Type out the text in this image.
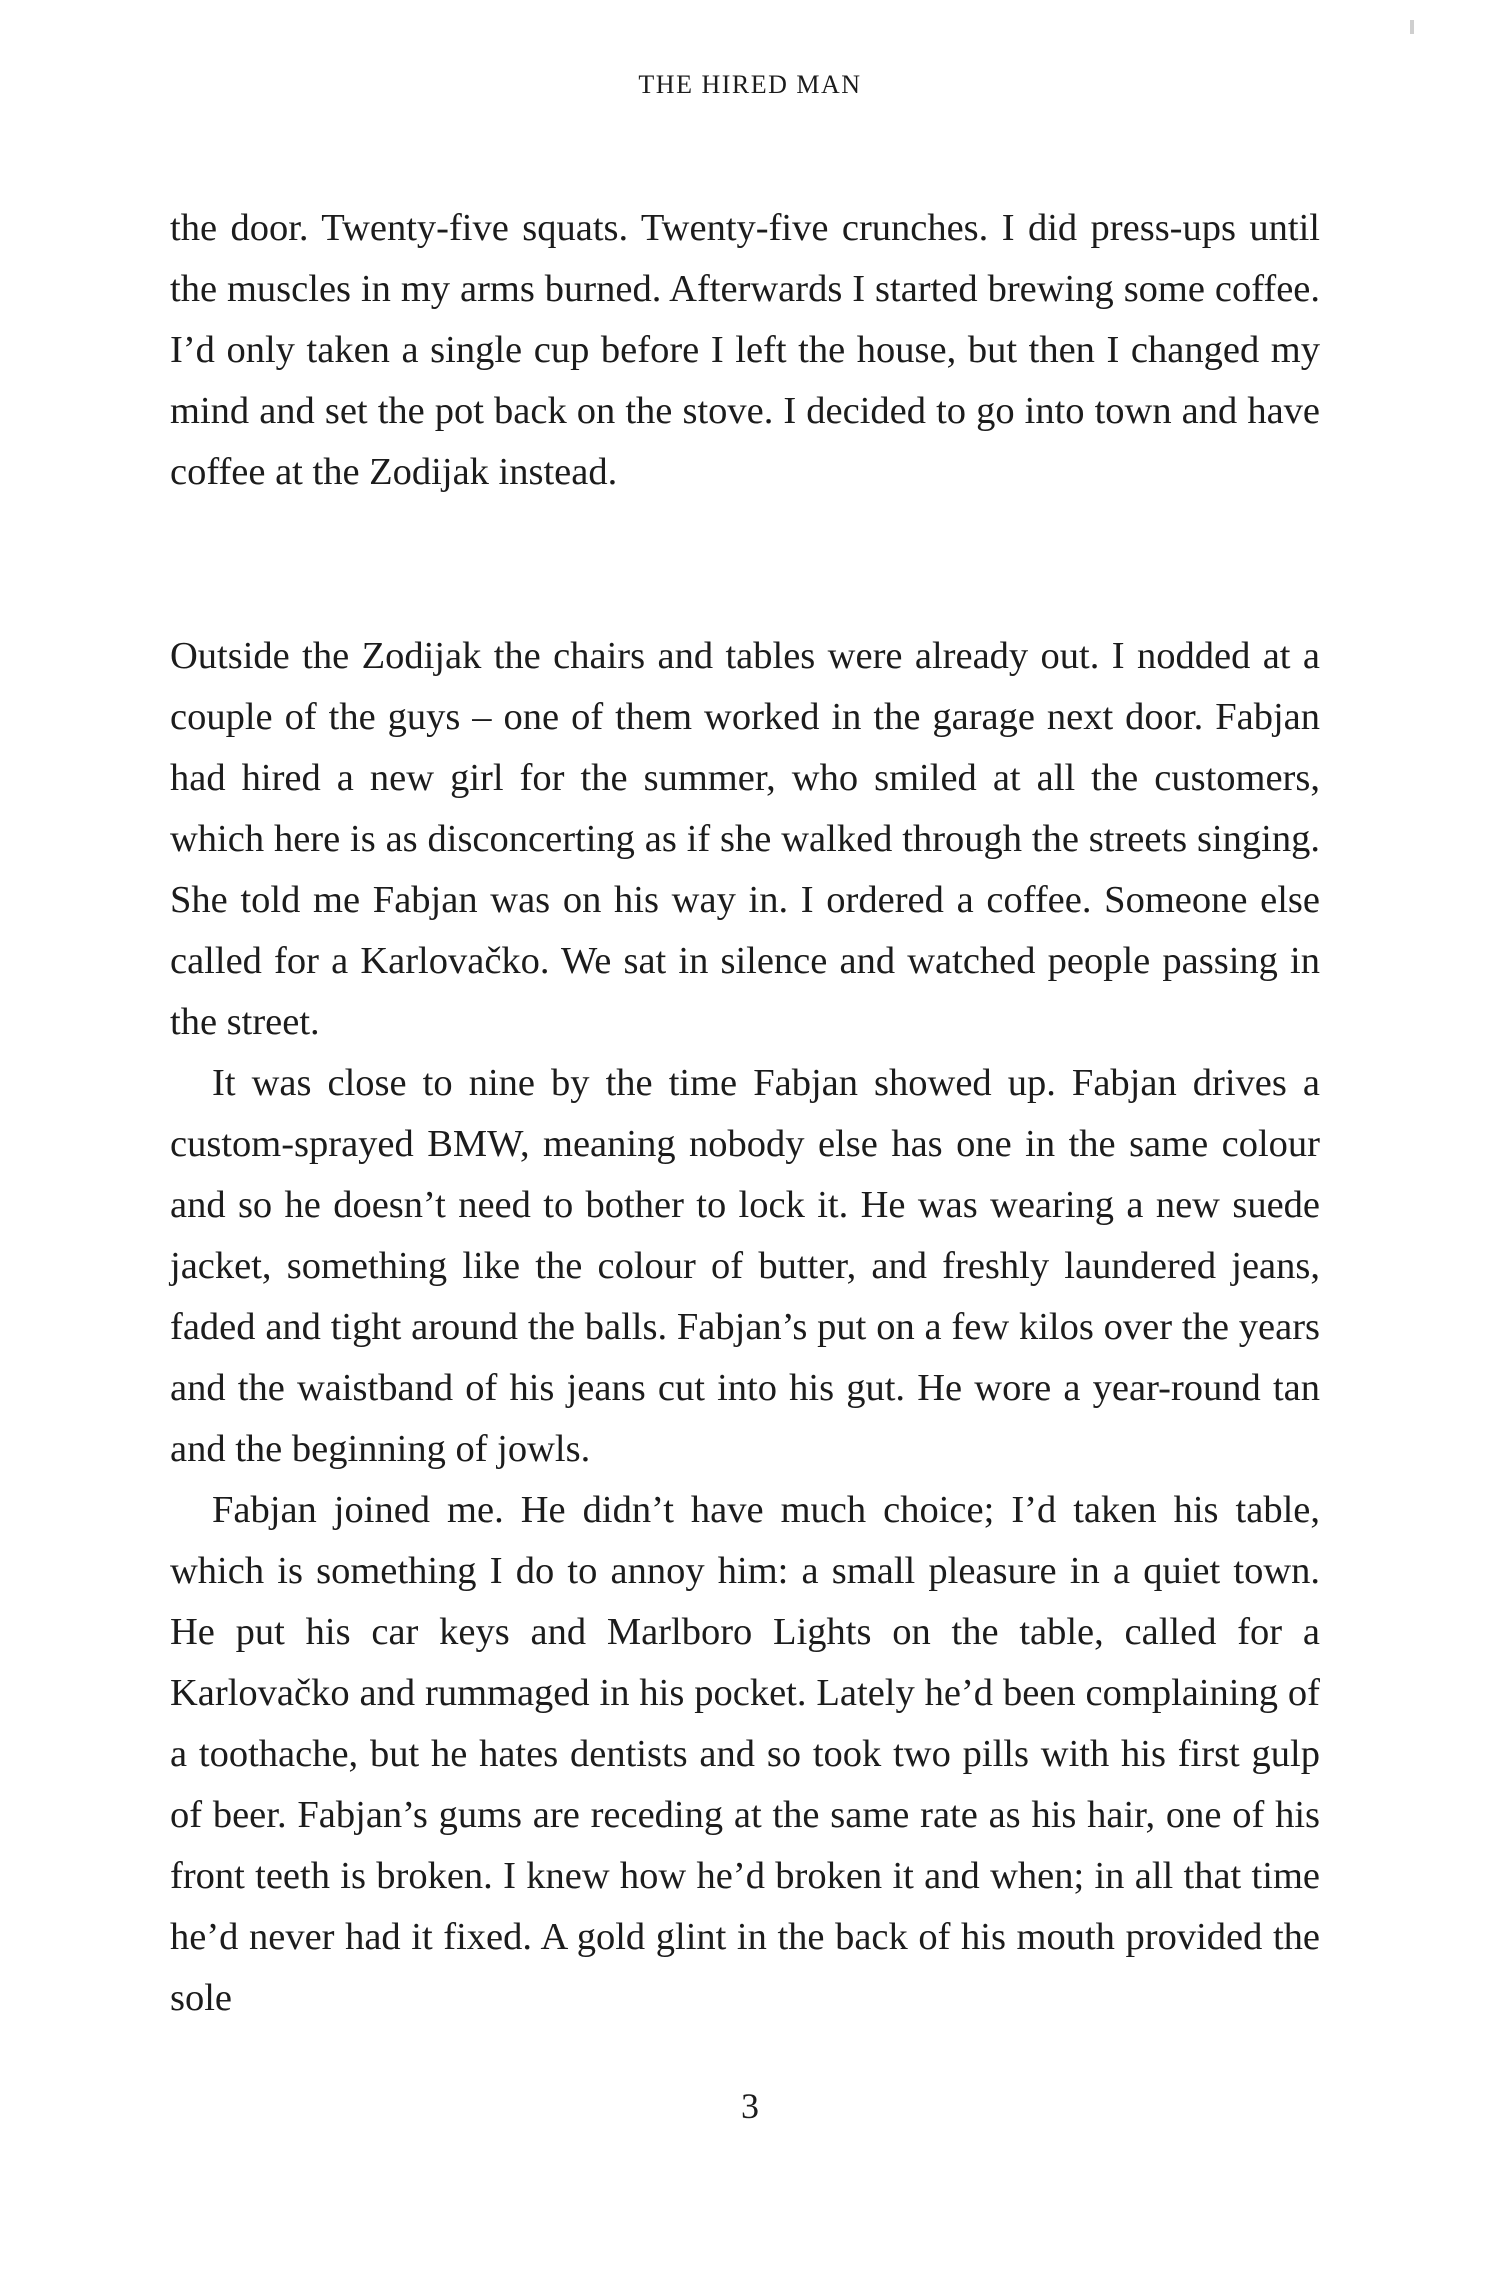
THE HIRED MAN

the door. Twenty-five squats. Twenty-five crunches. I did press-ups until the muscles in my arms burned. Afterwards I started brewing some coffee. I’d only taken a single cup before I left the house, but then I changed my mind and set the pot back on the stove. I decided to go into town and have coffee at the Zodijak instead.

Outside the Zodijak the chairs and tables were already out. I nodded at a couple of the guys – one of them worked in the garage next door. Fabjan had hired a new girl for the summer, who smiled at all the customers, which here is as disconcerting as if she walked through the streets singing. She told me Fabjan was on his way in. I ordered a coffee. Someone else called for a Karlovačko. We sat in silence and watched people passing in the street.

It was close to nine by the time Fabjan showed up. Fabjan drives a custom-sprayed BMW, meaning nobody else has one in the same colour and so he doesn’t need to bother to lock it. He was wearing a new suede jacket, something like the colour of butter, and freshly laundered jeans, faded and tight around the balls. Fabjan’s put on a few kilos over the years and the waistband of his jeans cut into his gut. He wore a year-round tan and the beginning of jowls.

Fabjan joined me. He didn’t have much choice; I’d taken his table, which is something I do to annoy him: a small pleasure in a quiet town. He put his car keys and Marlboro Lights on the table, called for a Karlovačko and rummaged in his pocket. Lately he’d been complaining of a toothache, but he hates dentists and so took two pills with his first gulp of beer. Fabjan’s gums are receding at the same rate as his hair, one of his front teeth is broken. I knew how he’d broken it and when; in all that time he’d never had it fixed. A gold glint in the back of his mouth provided the sole

3
